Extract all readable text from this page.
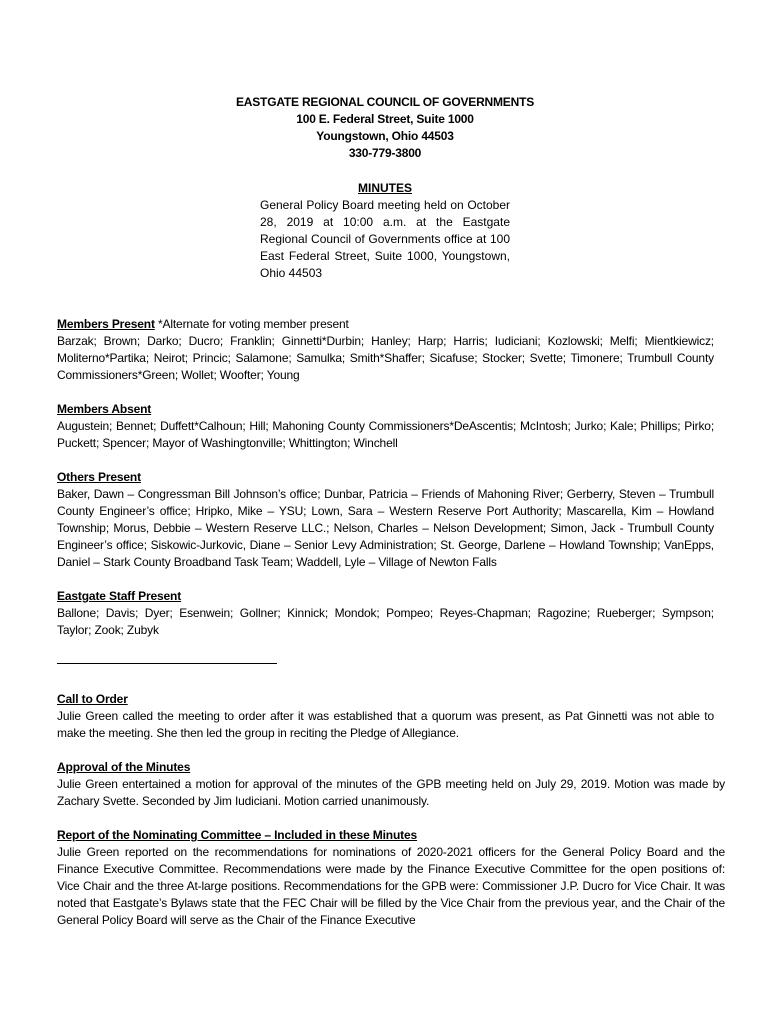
EASTGATE REGIONAL COUNCIL OF GOVERNMENTS
100 E. Federal Street, Suite 1000
Youngstown, Ohio 44503
330-779-3800
MINUTES
General Policy Board meeting held on October 28, 2019 at 10:00 a.m. at the Eastgate Regional Council of Governments office at 100 East Federal Street, Suite 1000, Youngstown, Ohio 44503
Members Present *Alternate for voting member present
Barzak; Brown; Darko; Ducro; Franklin; Ginnetti*Durbin; Hanley; Harp; Harris; Iudiciani; Kozlowski; Melfi; Mientkiewicz; Moliterno*Partika; Neirot; Princic; Salamone; Samulka; Smith*Shaffer; Sicafuse; Stocker; Svette; Timonere; Trumbull County Commissioners*Green; Wollet; Woofter; Young
Members Absent
Augustein; Bennet; Duffett*Calhoun; Hill; Mahoning County Commissioners*DeAscentis; McIntosh; Jurko; Kale; Phillips; Pirko; Puckett; Spencer; Mayor of Washingtonville; Whittington; Winchell
Others Present
Baker, Dawn – Congressman Bill Johnson’s office; Dunbar, Patricia – Friends of Mahoning River; Gerberry, Steven – Trumbull County Engineer’s office; Hripko, Mike – YSU; Lown, Sara – Western Reserve Port Authority; Mascarella, Kim – Howland Township; Morus, Debbie – Western Reserve LLC.; Nelson, Charles – Nelson Development; Simon, Jack - Trumbull County Engineer’s office; Siskowic-Jurkovic, Diane – Senior Levy Administration; St. George, Darlene – Howland Township; VanEpps, Daniel – Stark County Broadband Task Team; Waddell, Lyle – Village of Newton Falls
Eastgate Staff Present
Ballone; Davis; Dyer; Esenwein; Gollner; Kinnick; Mondok; Pompeo; Reyes-Chapman; Ragozine; Rueberger; Sympson; Taylor; Zook; Zubyk
Call to Order
Julie Green called the meeting to order after it was established that a quorum was present, as Pat Ginnetti was not able to make the meeting. She then led the group in reciting the Pledge of Allegiance.
Approval of the Minutes
Julie Green entertained a motion for approval of the minutes of the GPB meeting held on July 29, 2019. Motion was made by Zachary Svette. Seconded by Jim Iudiciani. Motion carried unanimously.
Report of the Nominating Committee – Included in these Minutes
Julie Green reported on the recommendations for nominations of 2020-2021 officers for the General Policy Board and the Finance Executive Committee. Recommendations were made by the Finance Executive Committee for the open positions of: Vice Chair and the three At-large positions. Recommendations for the GPB were: Commissioner J.P. Ducro for Vice Chair. It was noted that Eastgate’s Bylaws state that the FEC Chair will be filled by the Vice Chair from the previous year, and the Chair of the General Policy Board will serve as the Chair of the Finance Executive
